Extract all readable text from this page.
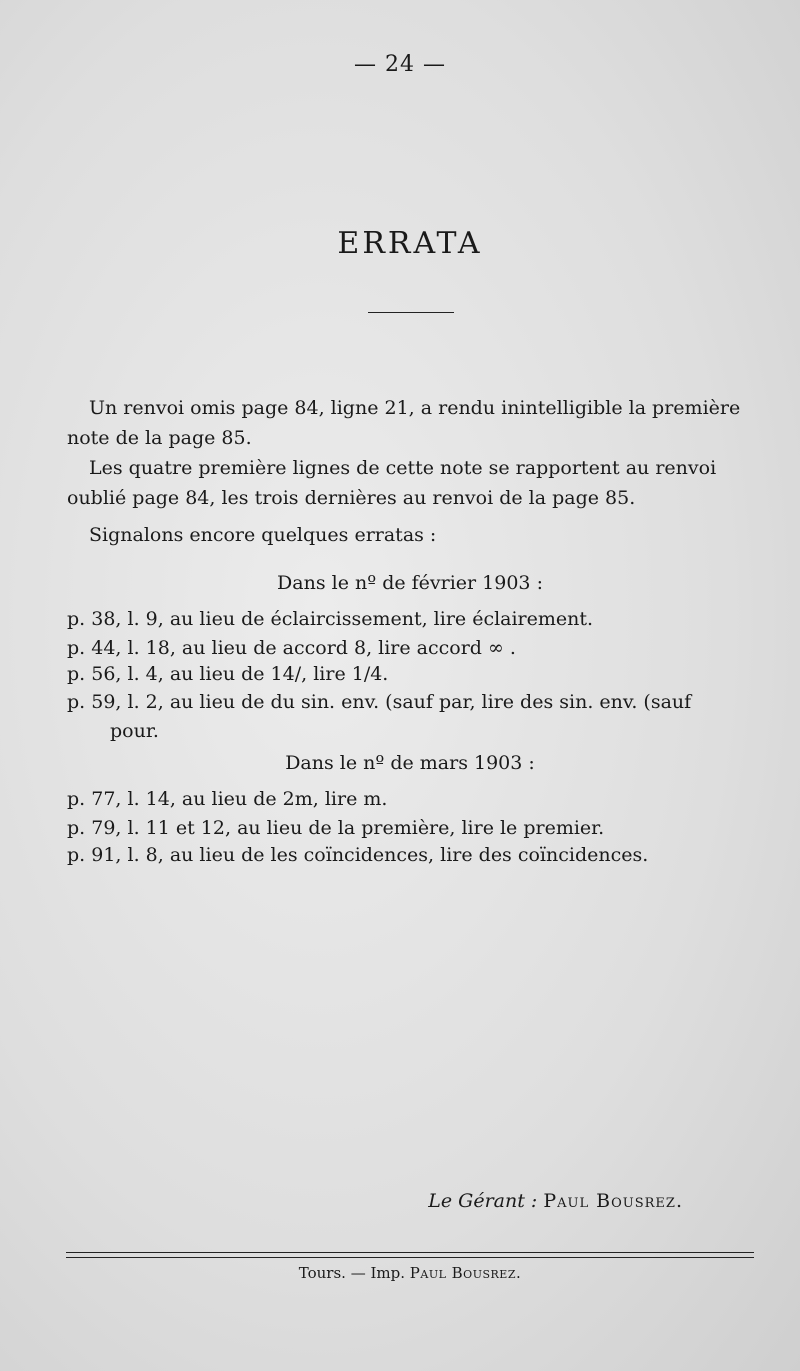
— 24 —
ERRATA

Un renvoi omis page 84, ligne 21, a rendu inintelligible la première note de la page 85.

Les quatre première lignes de cette note se rapportent au renvoi oublié page 84, les trois dernières au renvoi de la page 85.

Signalons encore quelques erratas :

Dans le nº de février 1903 :

p. 38, l. 9, au lieu de éclaircissement, lire éclairement.

p. 44, l. 18, au lieu de accord 8, lire accord ∞ .

p. 56, l. 4, au lieu de 14/, lire 1/4.

p. 59, l. 2, au lieu de du sin. env. (sauf par, lire des sin. env. (sauf
pour.

Dans le nº de mars 1903 :

p. 77, l. 14, au lieu de 2m, lire m.

p. 79, l. 11 et 12, au lieu de la première, lire le premier.

p. 91, l. 8, au lieu de les coïncidences, lire des coïncidences.

Le Gérant : Paul Bousrez.
Tours. — Imp. Paul Bousrez.
